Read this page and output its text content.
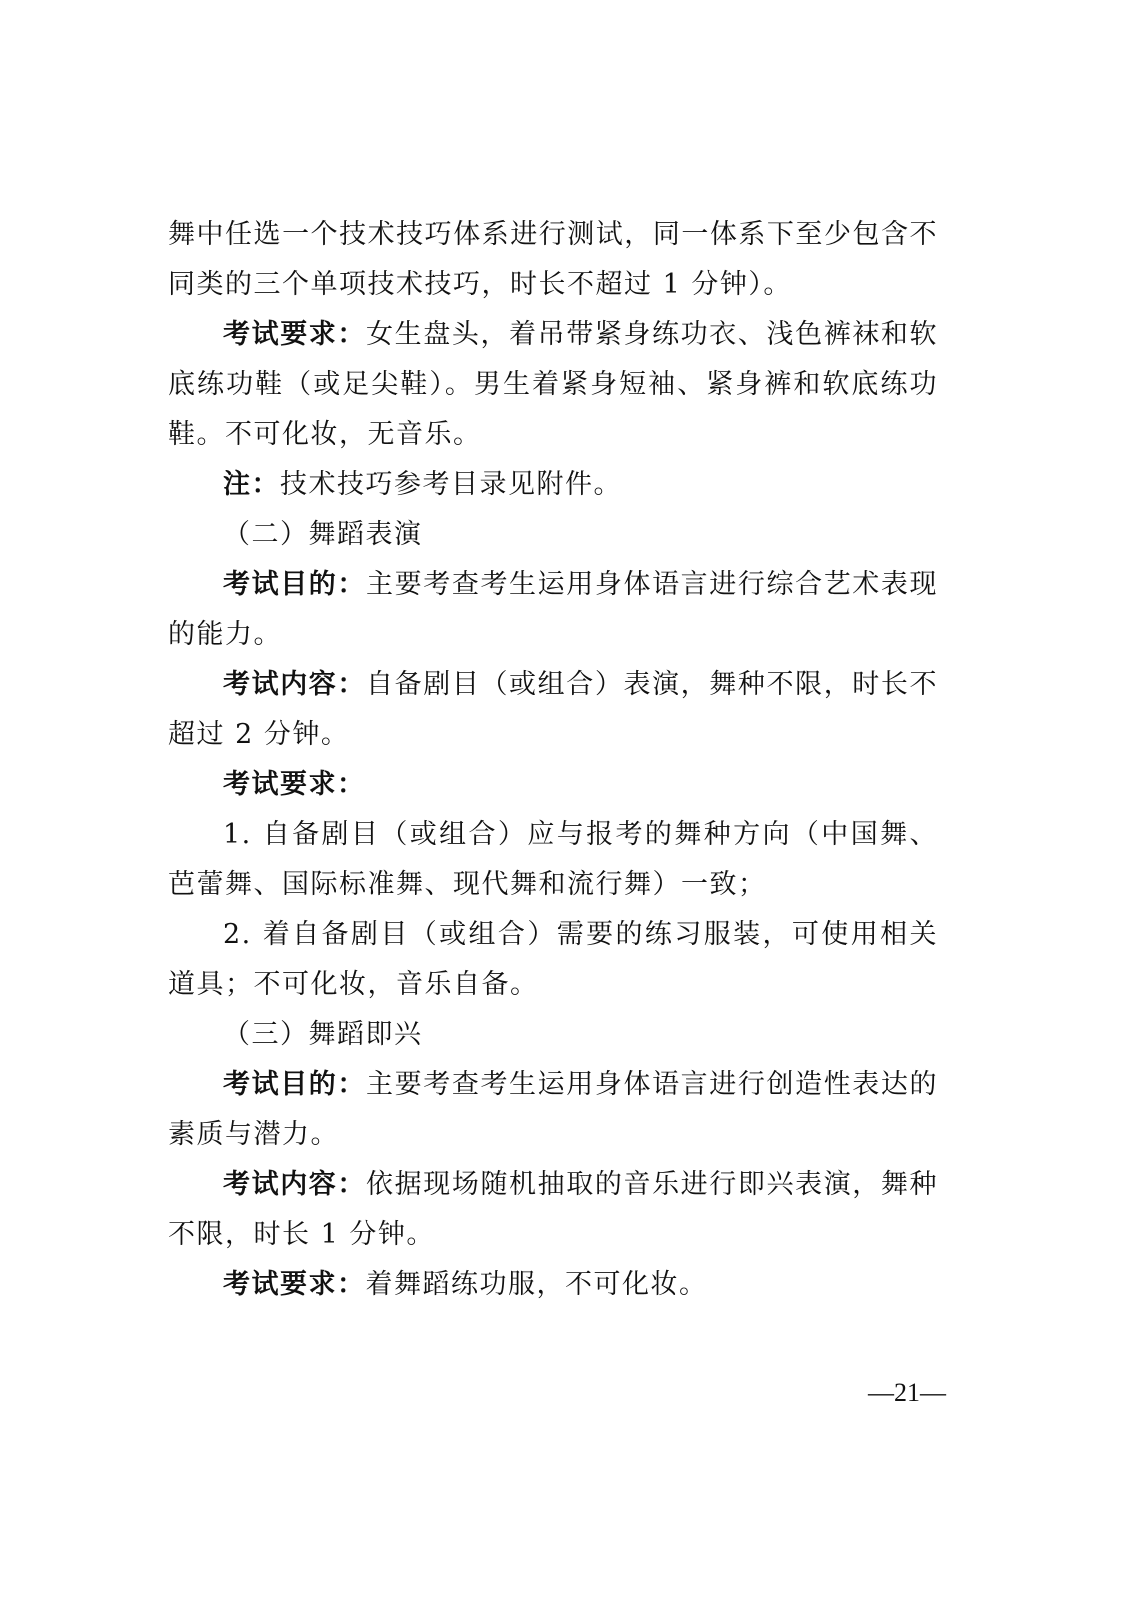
舞中任选一个技术技巧体系进行测试，同一体系下至少包含不同类的三个单项技术技巧，时长不超过 1 分钟）。

考试要求：女生盘头，着吊带紧身练功衣、浅色裤袜和软底练功鞋（或足尖鞋）。男生着紧身短袖、紧身裤和软底练功鞋。不可化妆，无音乐。

注：技术技巧参考目录见附件。

（二）舞蹈表演

考试目的：主要考查考生运用身体语言进行综合艺术表现的能力。

考试内容：自备剧目（或组合）表演，舞种不限，时长不超过 2 分钟。

考试要求：

1. 自备剧目（或组合）应与报考的舞种方向（中国舞、芭蕾舞、国际标准舞、现代舞和流行舞）一致；

2. 着自备剧目（或组合）需要的练习服装，可使用相关道具；不可化妆，音乐自备。

（三）舞蹈即兴

考试目的：主要考查考生运用身体语言进行创造性表达的素质与潜力。

考试内容：依据现场随机抽取的音乐进行即兴表演，舞种不限，时长 1 分钟。

考试要求：着舞蹈练功服，不可化妆。

—21—
